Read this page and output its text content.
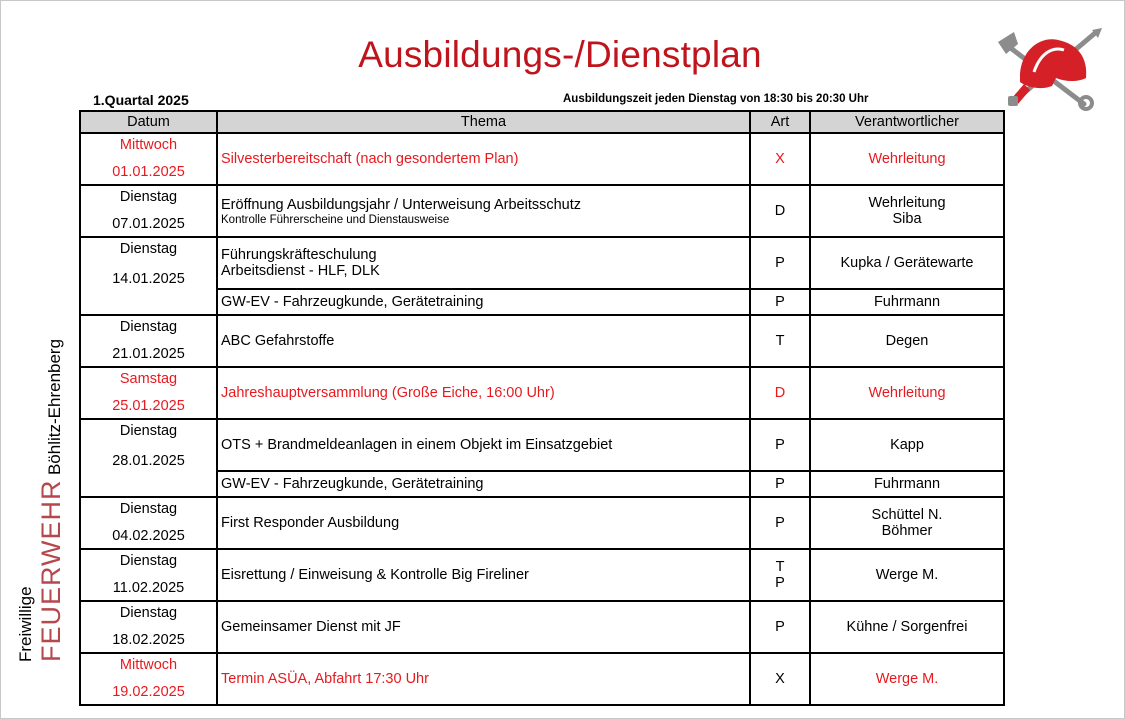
Ausbildungs-/Dienstplan
1.Quartal 2025	Ausbildungszeit jeden Dienstag von 18:30 bis 20:30 Uhr
Freiwillige
FEUERWEHR Böhlitz-Ehrenberg
Datum	Thema	Art	Verantwortlicher

Mittwoch
01.01.2025	Silvesterbereitschaft (nach gesondertem Plan)	X	Wehrleitung

Dienstag
07.01.2025	Eröffnung Ausbildungsjahr / Unterweisung Arbeitsschutz
Kontrolle Führerscheine und Dienstausweise	D	Wehrleitung
Siba

Dienstag
14.01.2025	Führungskräfteschulung
Arbeitsdienst - HLF, DLK	P	Kupka / Gerätewarte
	GW-EV - Fahrzeugkunde, Gerätetraining	P	Fuhrmann

Dienstag
21.01.2025	ABC Gefahrstoffe	T	Degen

Samstag
25.01.2025	Jahreshauptversammlung (Große Eiche, 16:00 Uhr)	D	Wehrleitung

Dienstag
28.01.2025	OTS + Brandmeldeanlagen in einem Objekt im Einsatzgebiet	P	Kapp
	GW-EV - Fahrzeugkunde, Gerätetraining	P	Fuhrmann

Dienstag
04.02.2025	First Responder Ausbildung	P	Schüttel N.
Böhmer

Dienstag
11.02.2025	Eisrettung / Einweisung & Kontrolle Big Fireliner	T
P	Werge M.

Dienstag
18.02.2025	Gemeinsamer Dienst mit JF	P	Kühne / Sorgenfrei

Mittwoch
19.02.2025	Termin ASÜA, Abfahrt 17:30 Uhr	X	Werge M.
